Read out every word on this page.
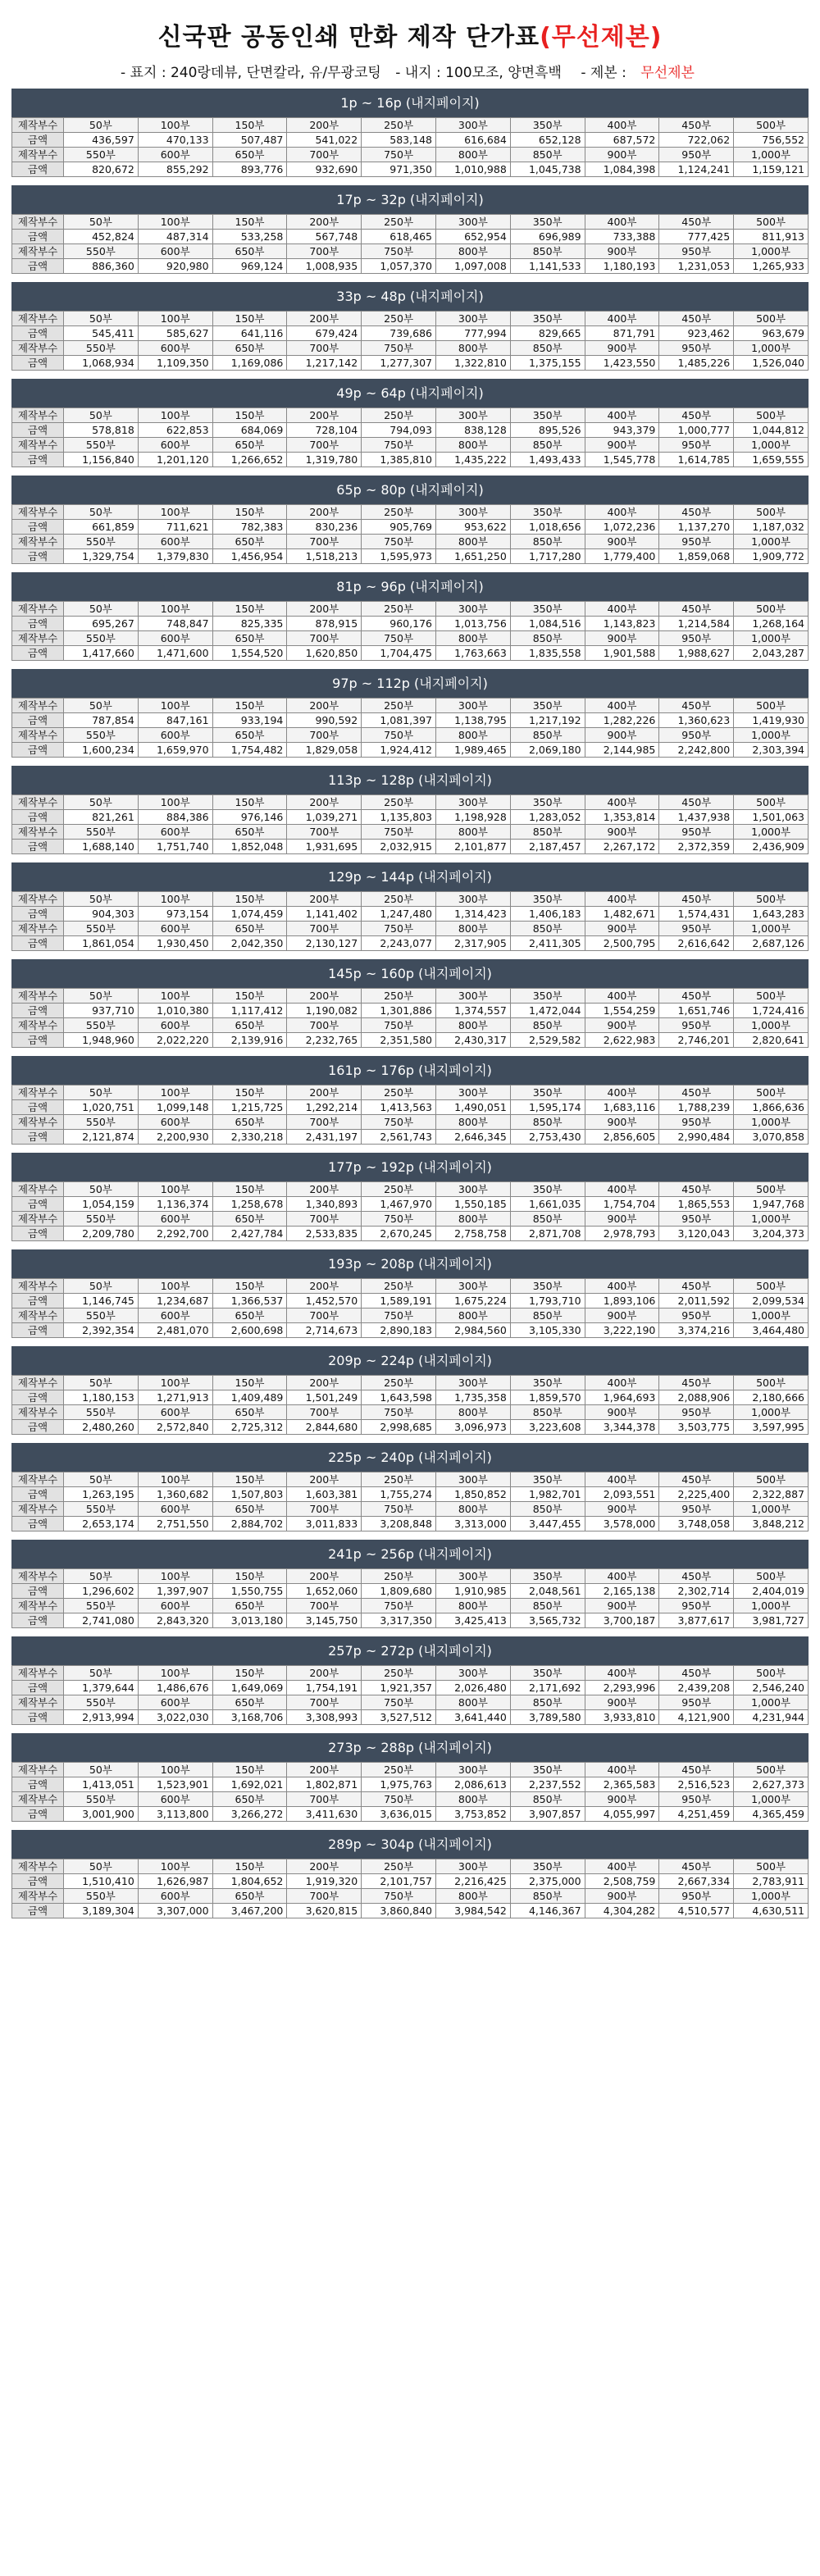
신국판 공동인쇄 만화 제작 단가표(무선제본)
- 표지 : 240랑데뷰, 단면칼라, 유/무광코팅 - 내지 : 100모조, 양면흑백 - 제본 : 무선제본
1p ~ 16p (내지페이지)
제작부수	50부	100부	150부	200부	250부	300부	350부	400부	450부	500부
금액	436,597	470,133	507,487	541,022	583,148	616,684	652,128	687,572	722,062	756,552
제작부수	550부	600부	650부	700부	750부	800부	850부	900부	950부	1,000부
금액	820,672	855,292	893,776	932,690	971,350	1,010,988	1,045,738	1,084,398	1,124,241	1,159,121
17p ~ 32p (내지페이지)
제작부수	50부	100부	150부	200부	250부	300부	350부	400부	450부	500부
금액	452,824	487,314	533,258	567,748	618,465	652,954	696,989	733,388	777,425	811,913
제작부수	550부	600부	650부	700부	750부	800부	850부	900부	950부	1,000부
금액	886,360	920,980	969,124	1,008,935	1,057,370	1,097,008	1,141,533	1,180,193	1,231,053	1,265,933
33p ~ 48p (내지페이지)
제작부수	50부	100부	150부	200부	250부	300부	350부	400부	450부	500부
금액	545,411	585,627	641,116	679,424	739,686	777,994	829,665	871,791	923,462	963,679
제작부수	550부	600부	650부	700부	750부	800부	850부	900부	950부	1,000부
금액	1,068,934	1,109,350	1,169,086	1,217,142	1,277,307	1,322,810	1,375,155	1,423,550	1,485,226	1,526,040
49p ~ 64p (내지페이지)
제작부수	50부	100부	150부	200부	250부	300부	350부	400부	450부	500부
금액	578,818	622,853	684,069	728,104	794,093	838,128	895,526	943,379	1,000,777	1,044,812
제작부수	550부	600부	650부	700부	750부	800부	850부	900부	950부	1,000부
금액	1,156,840	1,201,120	1,266,652	1,319,780	1,385,810	1,435,222	1,493,433	1,545,778	1,614,785	1,659,555
65p ~ 80p (내지페이지)
제작부수	50부	100부	150부	200부	250부	300부	350부	400부	450부	500부
금액	661,859	711,621	782,383	830,236	905,769	953,622	1,018,656	1,072,236	1,137,270	1,187,032
제작부수	550부	600부	650부	700부	750부	800부	850부	900부	950부	1,000부
금액	1,329,754	1,379,830	1,456,954	1,518,213	1,595,973	1,651,250	1,717,280	1,779,400	1,859,068	1,909,772
81p ~ 96p (내지페이지)
제작부수	50부	100부	150부	200부	250부	300부	350부	400부	450부	500부
금액	695,267	748,847	825,335	878,915	960,176	1,013,756	1,084,516	1,143,823	1,214,584	1,268,164
제작부수	550부	600부	650부	700부	750부	800부	850부	900부	950부	1,000부
금액	1,417,660	1,471,600	1,554,520	1,620,850	1,704,475	1,763,663	1,835,558	1,901,588	1,988,627	2,043,287
97p ~ 112p (내지페이지)
제작부수	50부	100부	150부	200부	250부	300부	350부	400부	450부	500부
금액	787,854	847,161	933,194	990,592	1,081,397	1,138,795	1,217,192	1,282,226	1,360,623	1,419,930
제작부수	550부	600부	650부	700부	750부	800부	850부	900부	950부	1,000부
금액	1,600,234	1,659,970	1,754,482	1,829,058	1,924,412	1,989,465	2,069,180	2,144,985	2,242,800	2,303,394
113p ~ 128p (내지페이지)
제작부수	50부	100부	150부	200부	250부	300부	350부	400부	450부	500부
금액	821,261	884,386	976,146	1,039,271	1,135,803	1,198,928	1,283,052	1,353,814	1,437,938	1,501,063
제작부수	550부	600부	650부	700부	750부	800부	850부	900부	950부	1,000부
금액	1,688,140	1,751,740	1,852,048	1,931,695	2,032,915	2,101,877	2,187,457	2,267,172	2,372,359	2,436,909
129p ~ 144p (내지페이지)
제작부수	50부	100부	150부	200부	250부	300부	350부	400부	450부	500부
금액	904,303	973,154	1,074,459	1,141,402	1,247,480	1,314,423	1,406,183	1,482,671	1,574,431	1,643,283
제작부수	550부	600부	650부	700부	750부	800부	850부	900부	950부	1,000부
금액	1,861,054	1,930,450	2,042,350	2,130,127	2,243,077	2,317,905	2,411,305	2,500,795	2,616,642	2,687,126
145p ~ 160p (내지페이지)
제작부수	50부	100부	150부	200부	250부	300부	350부	400부	450부	500부
금액	937,710	1,010,380	1,117,412	1,190,082	1,301,886	1,374,557	1,472,044	1,554,259	1,651,746	1,724,416
제작부수	550부	600부	650부	700부	750부	800부	850부	900부	950부	1,000부
금액	1,948,960	2,022,220	2,139,916	2,232,765	2,351,580	2,430,317	2,529,582	2,622,983	2,746,201	2,820,641
161p ~ 176p (내지페이지)
제작부수	50부	100부	150부	200부	250부	300부	350부	400부	450부	500부
금액	1,020,751	1,099,148	1,215,725	1,292,214	1,413,563	1,490,051	1,595,174	1,683,116	1,788,239	1,866,636
제작부수	550부	600부	650부	700부	750부	800부	850부	900부	950부	1,000부
금액	2,121,874	2,200,930	2,330,218	2,431,197	2,561,743	2,646,345	2,753,430	2,856,605	2,990,484	3,070,858
177p ~ 192p (내지페이지)
제작부수	50부	100부	150부	200부	250부	300부	350부	400부	450부	500부
금액	1,054,159	1,136,374	1,258,678	1,340,893	1,467,970	1,550,185	1,661,035	1,754,704	1,865,553	1,947,768
제작부수	550부	600부	650부	700부	750부	800부	850부	900부	950부	1,000부
금액	2,209,780	2,292,700	2,427,784	2,533,835	2,670,245	2,758,758	2,871,708	2,978,793	3,120,043	3,204,373
193p ~ 208p (내지페이지)
제작부수	50부	100부	150부	200부	250부	300부	350부	400부	450부	500부
금액	1,146,745	1,234,687	1,366,537	1,452,570	1,589,191	1,675,224	1,793,710	1,893,106	2,011,592	2,099,534
제작부수	550부	600부	650부	700부	750부	800부	850부	900부	950부	1,000부
금액	2,392,354	2,481,070	2,600,698	2,714,673	2,890,183	2,984,560	3,105,330	3,222,190	3,374,216	3,464,480
209p ~ 224p (내지페이지)
제작부수	50부	100부	150부	200부	250부	300부	350부	400부	450부	500부
금액	1,180,153	1,271,913	1,409,489	1,501,249	1,643,598	1,735,358	1,859,570	1,964,693	2,088,906	2,180,666
제작부수	550부	600부	650부	700부	750부	800부	850부	900부	950부	1,000부
금액	2,480,260	2,572,840	2,725,312	2,844,680	2,998,685	3,096,973	3,223,608	3,344,378	3,503,775	3,597,995
225p ~ 240p (내지페이지)
제작부수	50부	100부	150부	200부	250부	300부	350부	400부	450부	500부
금액	1,263,195	1,360,682	1,507,803	1,603,381	1,755,274	1,850,852	1,982,701	2,093,551	2,225,400	2,322,887
제작부수	550부	600부	650부	700부	750부	800부	850부	900부	950부	1,000부
금액	2,653,174	2,751,550	2,884,702	3,011,833	3,208,848	3,313,000	3,447,455	3,578,000	3,748,058	3,848,212
241p ~ 256p (내지페이지)
제작부수	50부	100부	150부	200부	250부	300부	350부	400부	450부	500부
금액	1,296,602	1,397,907	1,550,755	1,652,060	1,809,680	1,910,985	2,048,561	2,165,138	2,302,714	2,404,019
제작부수	550부	600부	650부	700부	750부	800부	850부	900부	950부	1,000부
금액	2,741,080	2,843,320	3,013,180	3,145,750	3,317,350	3,425,413	3,565,732	3,700,187	3,877,617	3,981,727
257p ~ 272p (내지페이지)
제작부수	50부	100부	150부	200부	250부	300부	350부	400부	450부	500부
금액	1,379,644	1,486,676	1,649,069	1,754,191	1,921,357	2,026,480	2,171,692	2,293,996	2,439,208	2,546,240
제작부수	550부	600부	650부	700부	750부	800부	850부	900부	950부	1,000부
금액	2,913,994	3,022,030	3,168,706	3,308,993	3,527,512	3,641,440	3,789,580	3,933,810	4,121,900	4,231,944
273p ~ 288p (내지페이지)
제작부수	50부	100부	150부	200부	250부	300부	350부	400부	450부	500부
금액	1,413,051	1,523,901	1,692,021	1,802,871	1,975,763	2,086,613	2,237,552	2,365,583	2,516,523	2,627,373
제작부수	550부	600부	650부	700부	750부	800부	850부	900부	950부	1,000부
금액	3,001,900	3,113,800	3,266,272	3,411,630	3,636,015	3,753,852	3,907,857	4,055,997	4,251,459	4,365,459
289p ~ 304p (내지페이지)
제작부수	50부	100부	150부	200부	250부	300부	350부	400부	450부	500부
금액	1,510,410	1,626,987	1,804,652	1,919,320	2,101,757	2,216,425	2,375,000	2,508,759	2,667,334	2,783,911
제작부수	550부	600부	650부	700부	750부	800부	850부	900부	950부	1,000부
금액	3,189,304	3,307,000	3,467,200	3,620,815	3,860,840	3,984,542	4,146,367	4,304,282	4,510,577	4,630,511
